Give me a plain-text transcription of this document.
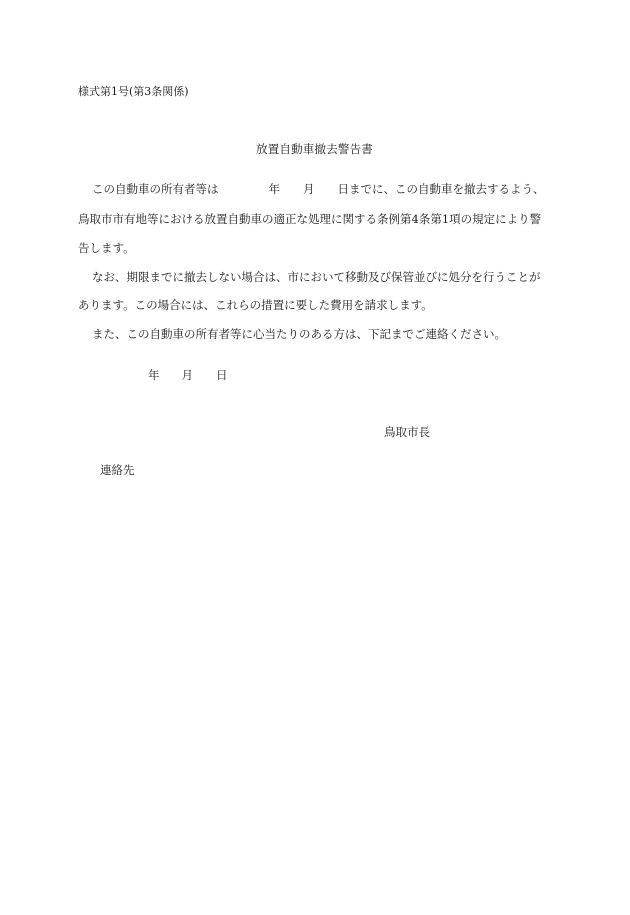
様式第1号(第3条関係)
放置自動車撤去警告書
この自動車の所有者等は	年 月 日までに、この自動車を撤去するよう、
鳥取市市有地等における放置自動車の適正な処理に関する条例第4条第1項の規定により警
告します。
なお、期限までに撤去しない場合は、市において移動及び保管並びに処分を行うことが
あります。この場合には、これらの措置に要した費用を請求します。
また、この自動車の所有者等に心当たりのある方は、下記までご連絡ください。
年 月 日
鳥取市長
連絡先
